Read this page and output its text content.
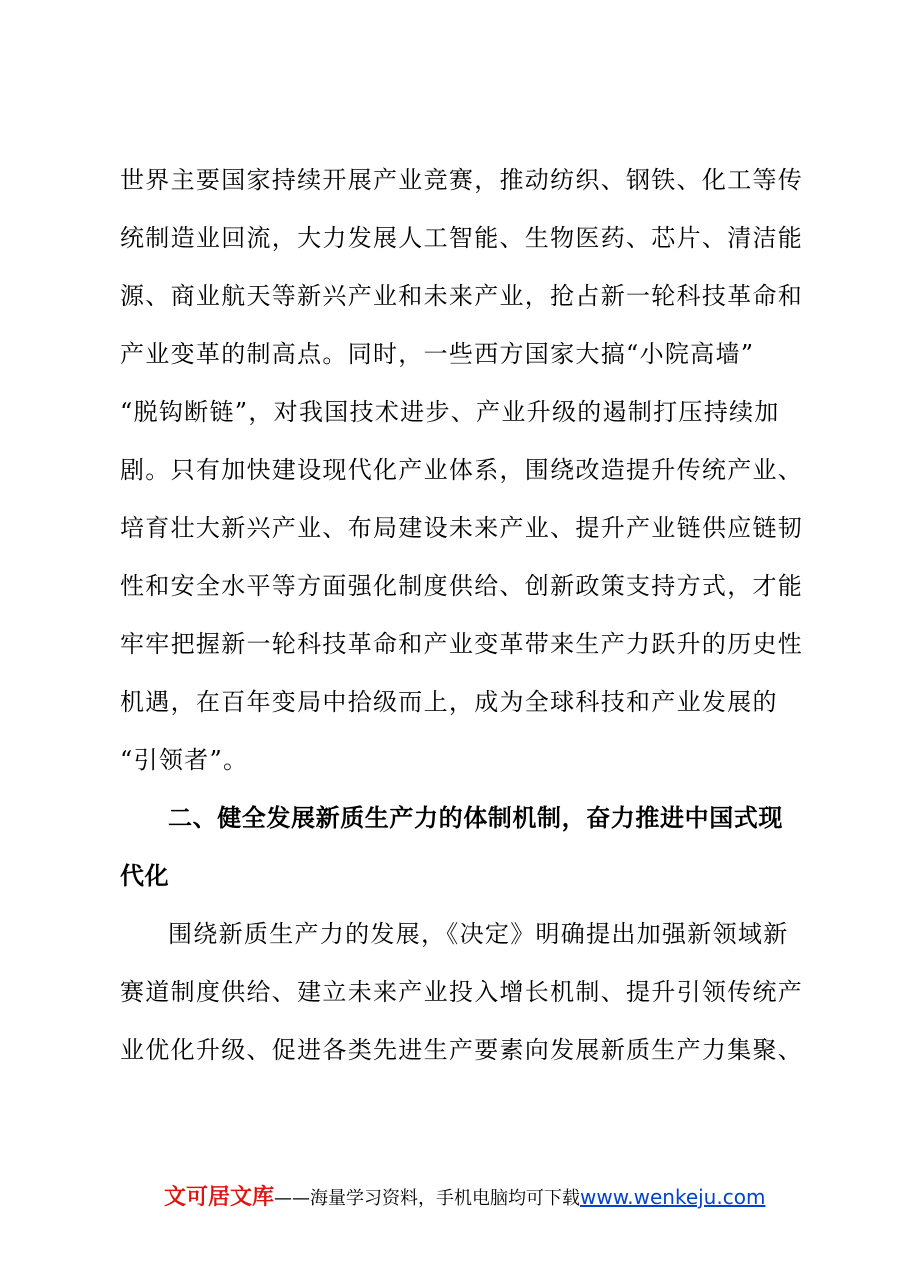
世界主要国家持续开展产业竞赛，推动纺织、钢铁、化工等传
统制造业回流，大力发展人工智能、生物医药、芯片、清洁能
源、商业航天等新兴产业和未来产业，抢占新一轮科技革命和
产业变革的制高点。同时，一些西方国家大搞“小院高墙”
“脱钩断链”，对我国技术进步、产业升级的遏制打压持续加
剧。只有加快建设现代化产业体系，围绕改造提升传统产业、
培育壮大新兴产业、布局建设未来产业、提升产业链供应链韧
性和安全水平等方面强化制度供给、创新政策支持方式，才能
牢牢把握新一轮科技革命和产业变革带来生产力跃升的历史性
机遇，在百年变局中拾级而上，成为全球科技和产业发展的
“引领者”。
二、健全发展新质生产力的体制机制，奋力推进中国式现
代化
围绕新质生产力的发展，《决定》明确提出加强新领域新
赛道制度供给、建立未来产业投入增长机制、提升引领传统产
业优化升级、促进各类先进生产要素向发展新质生产力集聚、
文可居文库——海量学习资料，手机电脑均可下载www.wenkeju.com
